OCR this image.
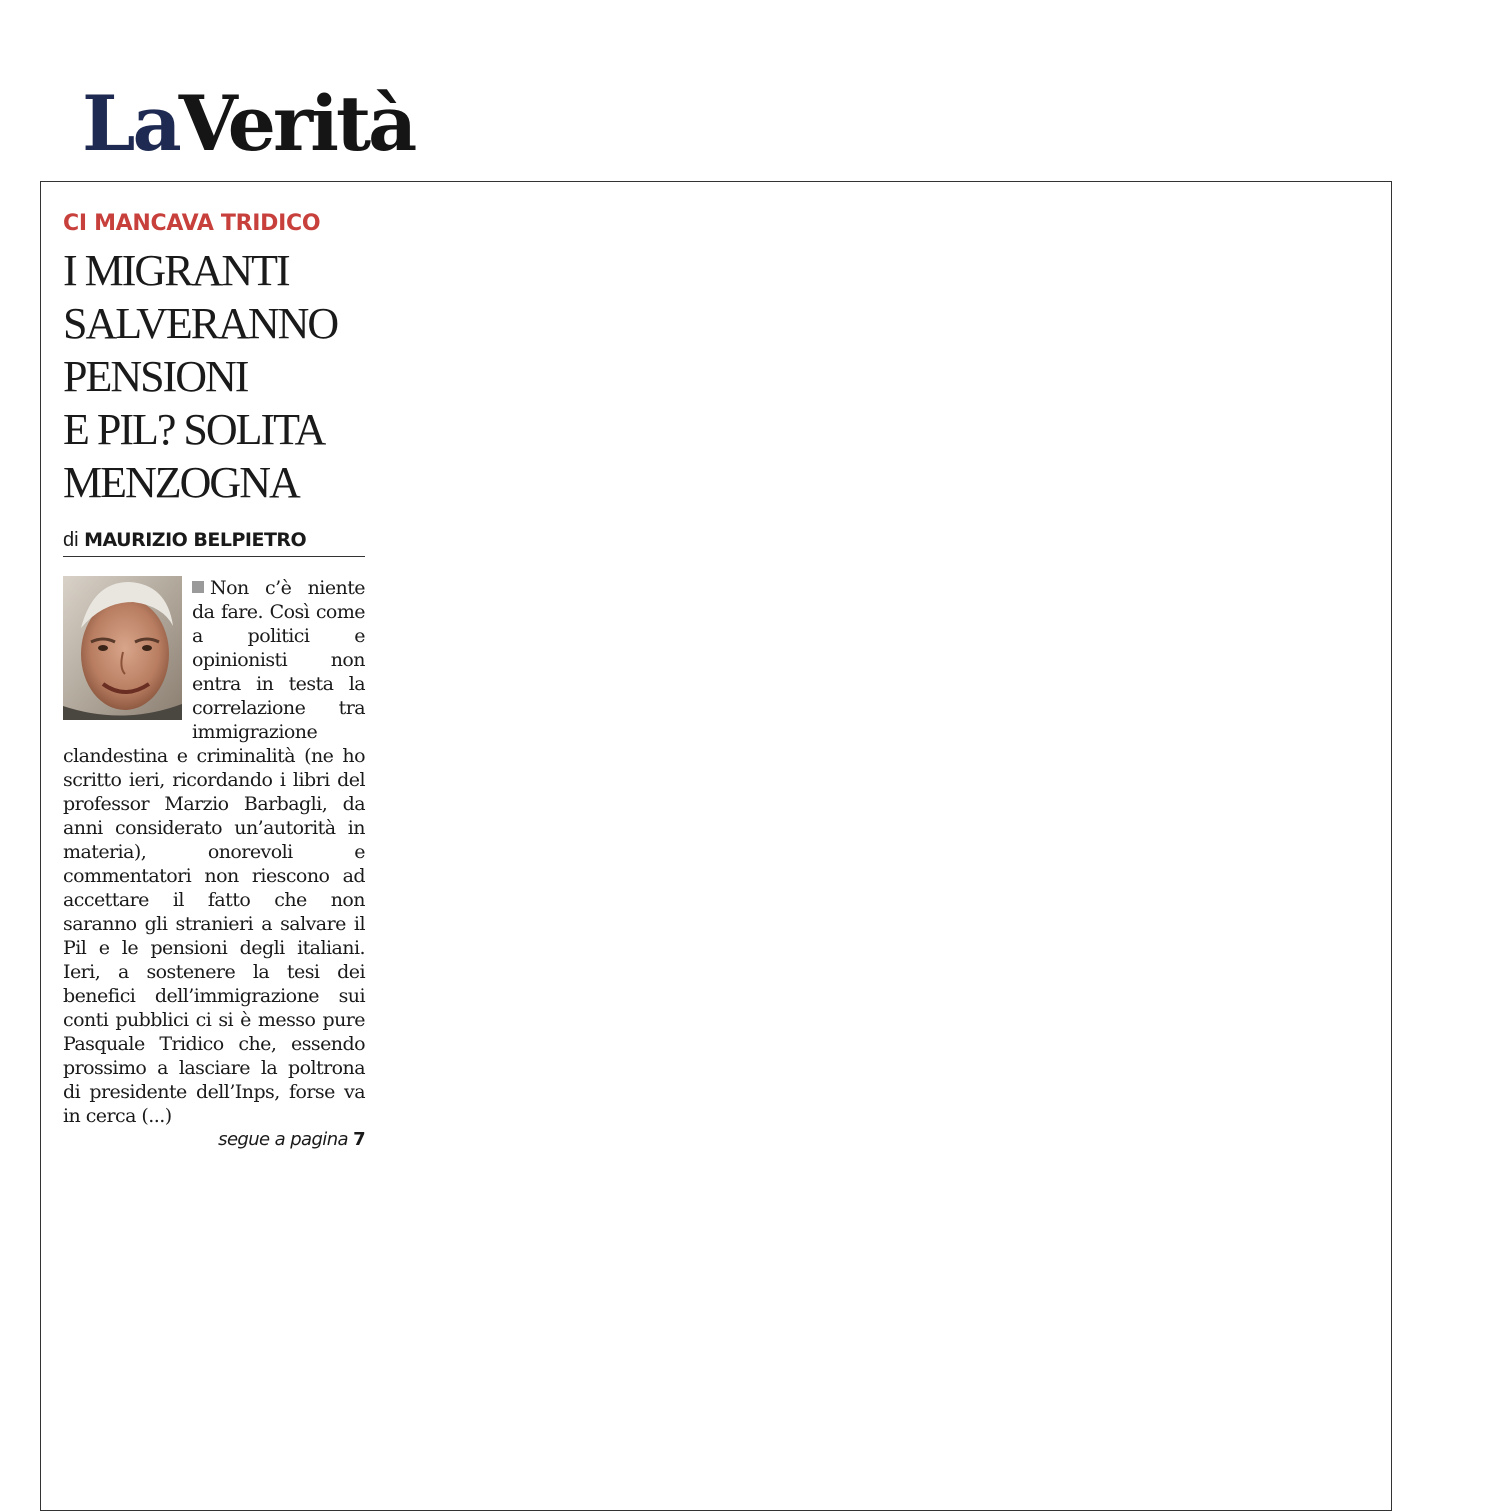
LaVerità
CI MANCAVA TRIDICO
I MIGRANTI
SALVERANNO
PENSIONI
E PIL? SOLITA
MENZOGNA
di MAURIZIO BELPIETRO

Non c’è niente da fare. Così come a politici e opinionisti non entra in testa la correlazione tra immigrazione clandestina e criminalità (ne ho scritto ieri, ricordando i libri del professor Marzio Barbagli, da anni considerato un’autorità in materia), onorevoli e commentatori non riescono ad accettare il fatto che non saranno gli stranieri a salvare il Pil e le pensioni degli italiani. Ieri, a sostenere la tesi dei benefici dell’immigrazione sui conti pubblici ci si è messo pure Pasquale Tridico che, essendo prossimo a lasciare la poltrona di presidente dell’Inps, forse va in cerca (...)

segue a pagina 7
